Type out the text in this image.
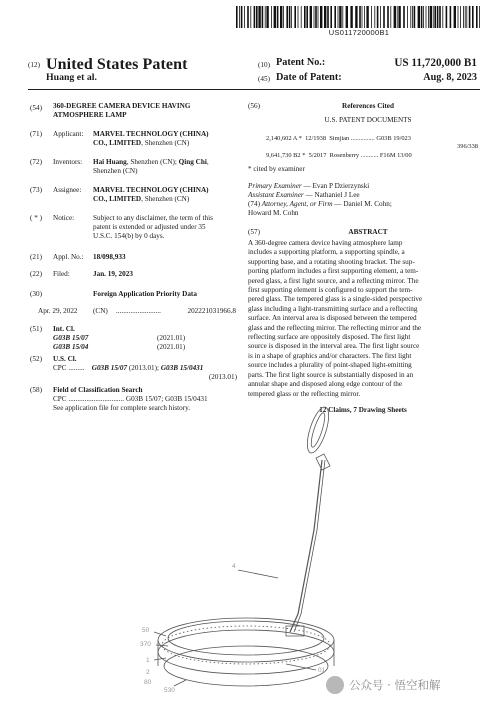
US011720000B1
(12) United States Patent
Huang et al.
(10) Patent No.:	US 11,720,000 B1
(45) Date of Patent:	Aug. 8, 2023
(54) 360-DEGREE CAMERA DEVICE HAVING
ATMOSPHERE LAMP
(71) Applicant: MARVEL TECHNOLOGY (CHINA)
CO., LIMITED, Shenzhen (CN)
(72) Inventors: Hai Huang, Shenzhen (CN); Qing Chi,
Shenzhen (CN)
(73) Assignee: MARVEL TECHNOLOGY (CHINA)
CO., LIMITED, Shenzhen (CN)
( * ) Notice:	Subject to any disclaimer, the term of this
patent is extended or adjusted under 35
U.S.C. 154(b) by 0 days.
(21) Appl. No.: 18/098,933
(22) Filed:	Jan. 19, 2023
(30)	Foreign Application Priority Data
Apr. 29, 2022 (CN) .........................	202221031966.8
(51) Int. Cl.
G03B 15/07	(2021.01)
G03B 15/04	(2021.01)
(52) U.S. Cl.
CPC ......... G03B 15/07 (2013.01); G03B 15/0431
(2013.01)
(58) Field of Classification Search
CPC ............................... G03B 15/07; G03B 15/0431
See application file for complete search history.
(56)	References Cited
U.S. PATENT DOCUMENTS
2,140,602 A * 12/1938 Simjian ............... G03B 19/023
396/338
9,641,730 B2 * 5/2017 Rosenberry ........... F16M 13/00
* cited by examiner
Primary Examiner — Evan P Dzierzynski
Assistant Examiner — Nathaniel J Lee
(74) Attorney, Agent, or Firm — Daniel M. Cohn;
Howard M. Cohn
(57)	ABSTRACT
A 360-degree camera device having atmosphere lamp
includes a supporting platform, a supporting spindle, a
supporting base, and a rotating shooting bracket. The sup-
porting platform includes a first supporting element, a tem-
pered glass, a first light source, and a reflecting mirror. The
first supporting element is configured to support the tem-
pered glass. The tempered glass is a single-sided perspective
glass including a light-transmitting surface and a reflecting
surface. An interval area is disposed between the tempered
glass and the reflecting mirror. The reflecting mirror and the
reflecting surface are oppositely disposed. The first light
source is disposed in the interval area. The first light source
is in a shape of graphics and/or characters. The first light
source includes a plurality of point-shaped light-emitting
parts. The first light source is substantially disposed in an
annular shape and disposed along edge contour of the
tempered glass or the reflecting mirror.
12 Claims, 7 Drawing Sheets
4
50
370
1
2
80
01
530	公众号 · 悟空和解
